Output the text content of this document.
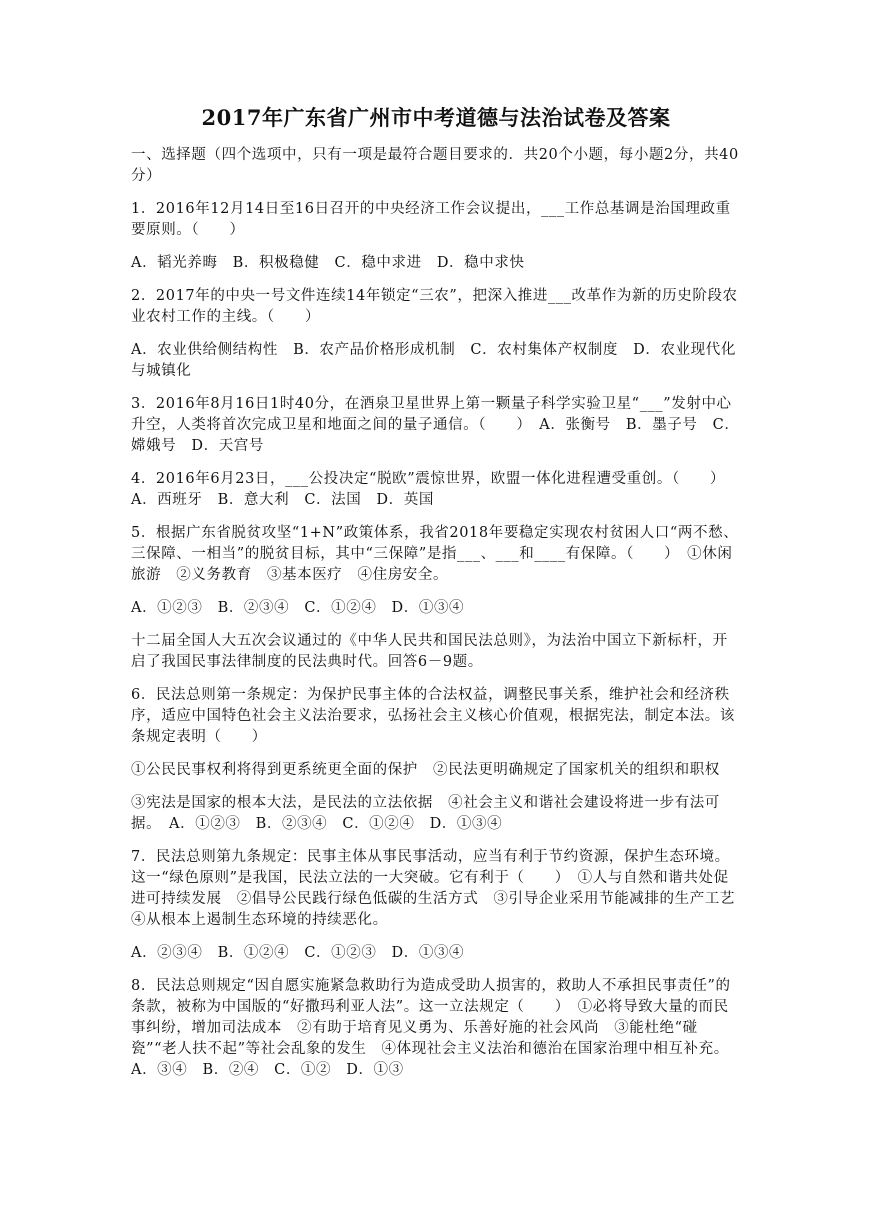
2017年广东省广州市中考道德与法治试卷及答案
一、选择题（四个选项中，只有一项是最符合题目要求的．共20个小题，每小题2分，共40分）
1．2016年12月14日至16日召开的中央经济工作会议提出，___工作总基调是治国理政重要原则。（　　）
A．韬光养晦　B．积极稳健　C．稳中求进　D．稳中求快
2．2017年的中央一号文件连续14年锁定“三农”，把深入推进___改革作为新的历史阶段农业农村工作的主线。（　　）
A．农业供给侧结构性　B．农产品价格形成机制　C．农村集体产权制度　D．农业现代化与城镇化
3．2016年8月16日1时40分，在酒泉卫星世界上第一颗量子科学实验卫星“___”发射中心升空，人类将首次完成卫星和地面之间的量子通信。（　　）　A．张衡号　B．墨子号　C．嫦娥号　D．天宫号
4．2016年6月23日，___公投决定“脱欧”震惊世界，欧盟一体化进程遭受重创。（　　）　A．西班牙　B．意大利　C．法国　D．英国
5．根据广东省脱贫攻坚“1+N”政策体系，我省2018年要稳定实现农村贫困人口“两不愁、三保障、一相当”的脱贫目标，其中“三保障”是指___、___和____有保障。（　　）　①休闲旅游　②义务教育　③基本医疗　④住房安全。
A．①②③　B．②③④　C．①②④　D．①③④
十二届全国人大五次会议通过的《中华人民共和国民法总则》，为法治中国立下新标杆，开启了我国民事法律制度的民法典时代。回答6－9题。
6．民法总则第一条规定：为保护民事主体的合法权益，调整民事关系，维护社会和经济秩序，适应中国特色社会主义法治要求，弘扬社会主义核心价值观，根据宪法，制定本法。该条规定表明（　　）
①公民民事权利将得到更系统更全面的保护　②民法更明确规定了国家机关的组织和职权
③宪法是国家的根本大法，是民法的立法依据　④社会主义和谐社会建设将进一步有法可据。　A．①②③　B．②③④　C．①②④　D．①③④
7．民法总则第九条规定：民事主体从事民事活动，应当有利于节约资源，保护生态环境。这一“绿色原则”是我国，民法立法的一大突破。它有利于（　　）　①人与自然和谐共处促进可持续发展　②倡导公民践行绿色低碳的生活方式　③引导企业采用节能减排的生产工艺　④从根本上遏制生态环境的持续恶化。
A．②③④　B．①②④　C．①②③　D．①③④
8．民法总则规定“因自愿实施紧急救助行为造成受助人损害的，救助人不承担民事责任”的条款，被称为中国版的“好撒玛利亚人法”。这一立法规定（　　）　①必将导致大量的而民事纠纷，增加司法成本　②有助于培育见义勇为、乐善好施的社会风尚　③能杜绝“碰瓷”“老人扶不起”等社会乱象的发生　④体现社会主义法治和德治在国家治理中相互补充。　A．③④　B．②④　C．①②　D．①③
